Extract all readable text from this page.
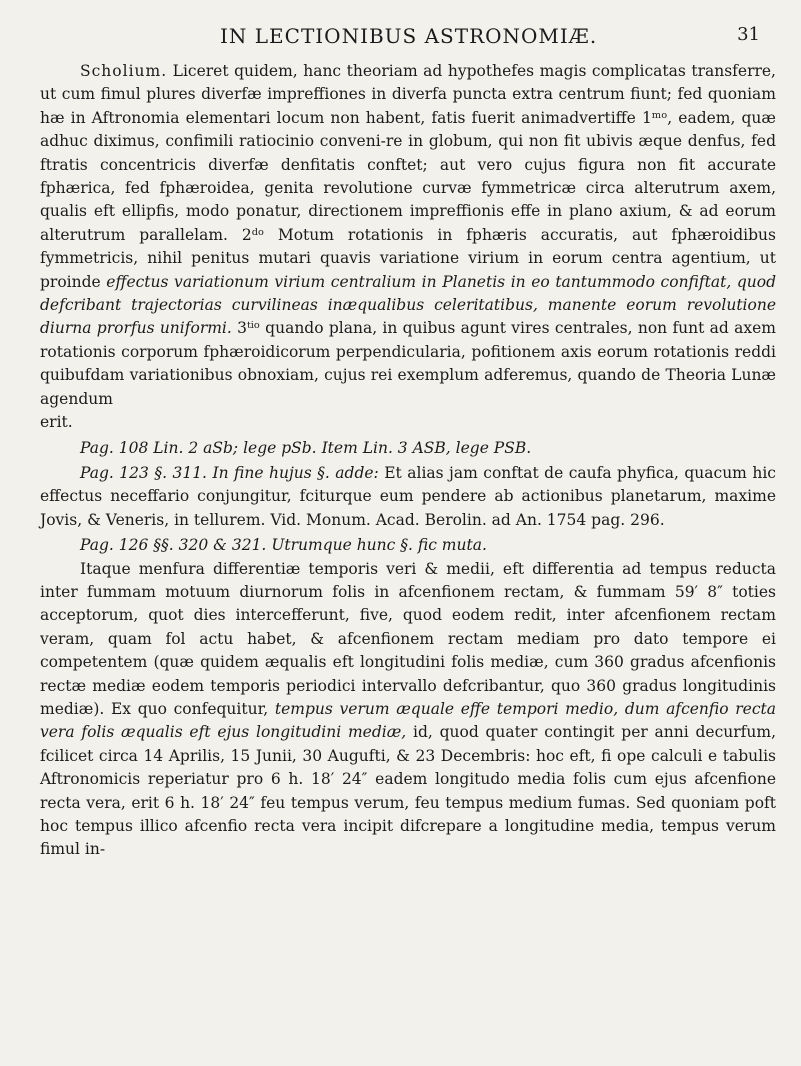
IN LECTIONIBUS ASTRONOMIÆ.	31

Scholium. Liceret quidem, hanc theoriam ad hypothefes magis complicatas transferre, ut cum fimul plures diverfæ impreffiones in diverfa puncta extra centrum fiunt; fed quoniam hæ in Aftronomia elementari locum non habent, fatis fuerit animadvertiffe 1ᵐᵒ, eadem, quæ adhuc diximus, confimili ratiocinio conveni-re in globum, qui non fit ubivis æque denfus, fed ftratis concentricis diverfæ denfitatis conftet; aut vero cujus figura non fit accurate fphærica, fed fphæroidea, genita revolutione curvæ fymmetricæ circa alterutrum axem, qualis eft ellipfis, modo ponatur, directionem impreffionis effe in plano axium, & ad eorum alterutrum parallelam. 2ᵈᵒ Motum rotationis in fphæris accuratis, aut fphæroidibus fymmetricis, nihil penitus mutari quavis variatione virium in eorum centra agentium, ut proinde effectus variationum virium centralium in Planetis in eo tantummodo confiftat, quod defcribant trajectorias curvilineas inæqualibus celeritatibus, manente eorum revolutione diurna prorfus uniformi. 3ᵗⁱᵒ quando plana, in quibus agunt vires centrales, non funt ad axem rotationis corporum fphæroidicorum perpendicularia, pofitionem axis eorum rotationis reddi quibufdam variationibus obnoxiam, cujus rei exemplum adferemus, quando de Theoria Lunæ agendum

erit.

Pag. 108 Lin. 2 aSb; lege pSb. Item Lin. 3 ASB, lege PSB.

Pag. 123 §. 311. In fine hujus §. adde: Et alias jam conftat de caufa phyfica, quacum hic effectus neceffario conjungitur, fciturque eum pendere ab actionibus planetarum, maxime Jovis, & Veneris, in tellurem. Vid. Monum. Acad. Berolin. ad An. 1754 pag. 296.

Pag. 126 §§. 320 & 321. Utrumque hunc §. fic muta.

Itaque menfura differentiæ temporis veri & medii, eft differentia ad tempus reducta inter fummam motuum diurnorum folis in afcenfionem rectam, & fummam 59′ 8″ toties acceptorum, quot dies intercefferunt, five, quod eodem redit, inter afcenfionem rectam veram, quam fol actu habet, & afcenfionem rectam mediam pro dato tempore ei competentem (quæ quidem æqualis eft longitudini folis mediæ, cum 360 gradus afcenfionis rectæ mediæ eodem temporis periodici intervallo defcribantur, quo 360 gradus longitudinis mediæ). Ex quo confequitur, tempus verum æquale effe tempori medio, dum afcenfio recta vera folis æqualis eft ejus longitudini mediæ, id, quod quater contingit per anni decurfum, fcilicet circa 14 Aprilis, 15 Junii, 30 Augufti, & 23 Decembris: hoc eft, fi ope calculi e tabulis Aftronomicis reperiatur pro 6 h. 18′ 24″ eadem longitudo media folis cum ejus afcenfione recta vera, erit 6 h. 18′ 24″ feu tempus verum, feu tempus medium fumas. Sed quoniam poft hoc tempus illico afcenfio recta vera incipit difcrepare a longitudine media, tempus verum fimul in-
